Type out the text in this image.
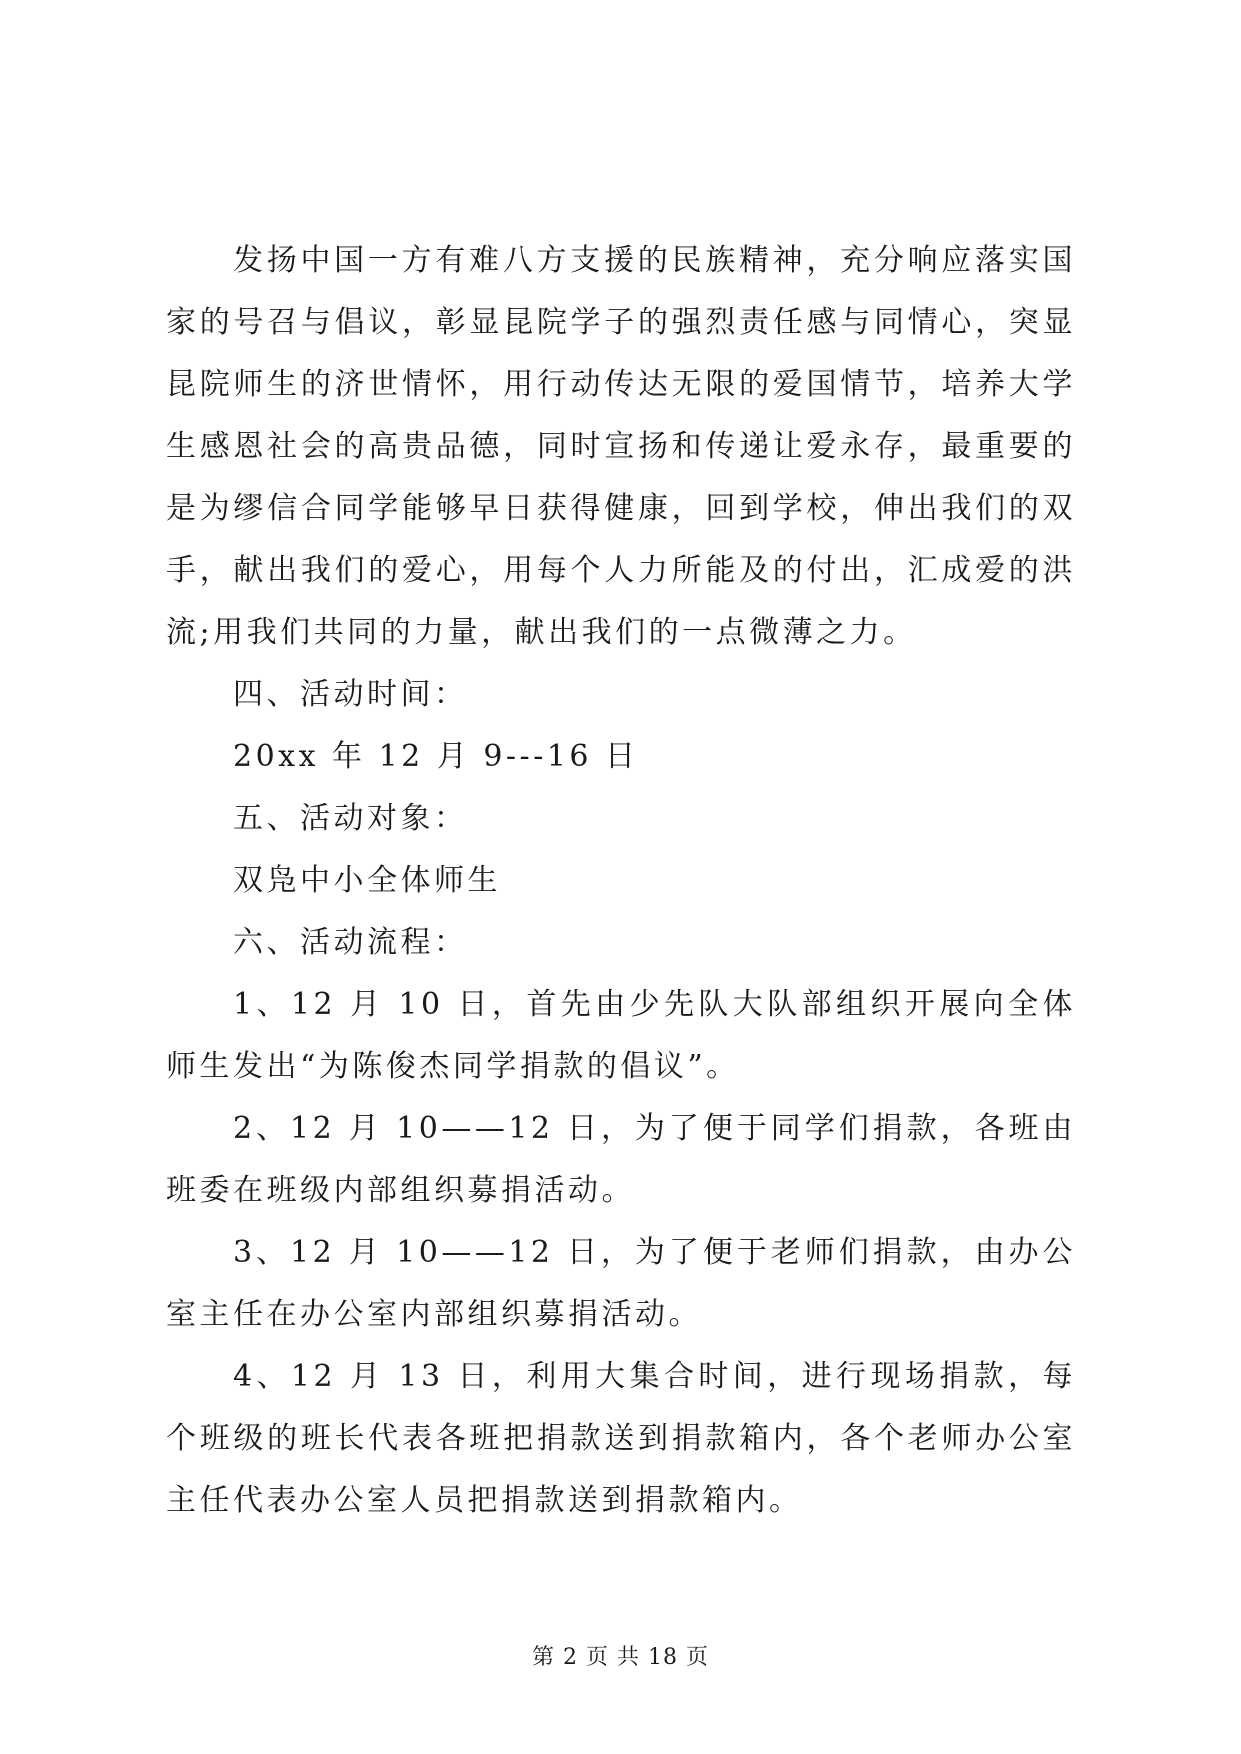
发扬中国一方有难八方支援的民族精神，充分响应落实国家的号召与倡议，彰显昆院学子的强烈责任感与同情心，突显昆院师生的济世情怀，用行动传达无限的爱国情节，培养大学生感恩社会的高贵品德，同时宣扬和传递让爱永存，最重要的是为缪信合同学能够早日获得健康，回到学校，伸出我们的双手，献出我们的爱心，用每个人力所能及的付出，汇成爱的洪流;用我们共同的力量，献出我们的一点微薄之力。

四、活动时间：

20xx 年 12 月 9---16 日

五、活动对象：

双凫中小全体师生

六、活动流程：

1、12 月 10 日，首先由少先队大队部组织开展向全体师生发出“为陈俊杰同学捐款的倡议”。

2、12 月 10——12 日，为了便于同学们捐款，各班由班委在班级内部组织募捐活动。

3、12 月 10——12 日，为了便于老师们捐款，由办公室主任在办公室内部组织募捐活动。

4、12 月 13 日，利用大集合时间，进行现场捐款，每个班级的班长代表各班把捐款送到捐款箱内，各个老师办公室主任代表办公室人员把捐款送到捐款箱内。

第 2 页 共 18 页
